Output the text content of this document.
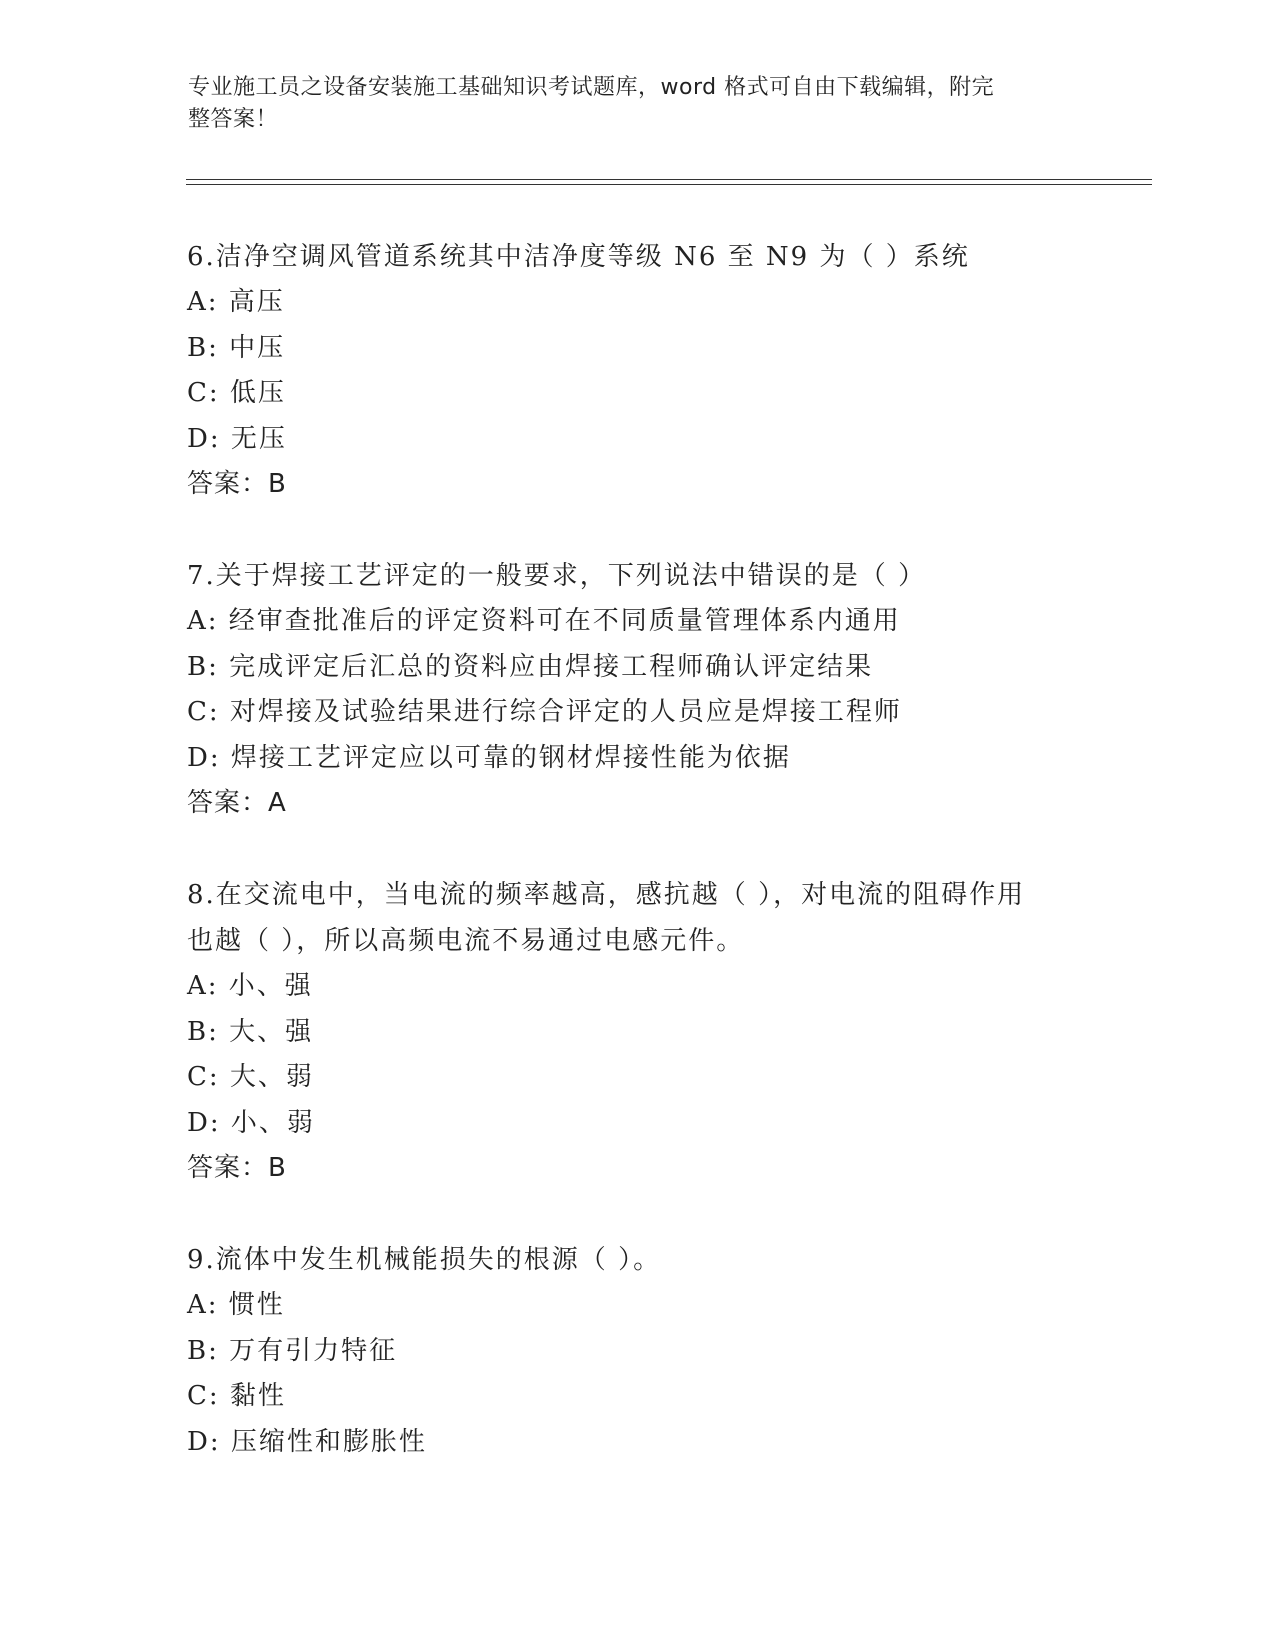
专业施工员之设备安装施工基础知识考试题库，word 格式可自由下载编辑，附完
整答案！
6.洁净空调风管道系统其中洁净度等级 N6 至 N9 为（ ）系统
A: 高压
B: 中压
C: 低压
D: 无压
答案：B
7.关于焊接工艺评定的一般要求，下列说法中错误的是（ ）
A: 经审查批准后的评定资料可在不同质量管理体系内通用
B: 完成评定后汇总的资料应由焊接工程师确认评定结果
C: 对焊接及试验结果进行综合评定的人员应是焊接工程师
D: 焊接工艺评定应以可靠的钢材焊接性能为依据
答案：A
8.在交流电中，当电流的频率越高，感抗越（ ），对电流的阻碍作用
也越（ ），所以高频电流不易通过电感元件。
A: 小、强
B: 大、强
C: 大、弱
D: 小、弱
答案：B
9.流体中发生机械能损失的根源（ ）。
A: 惯性
B: 万有引力特征
C: 黏性
D: 压缩性和膨胀性
